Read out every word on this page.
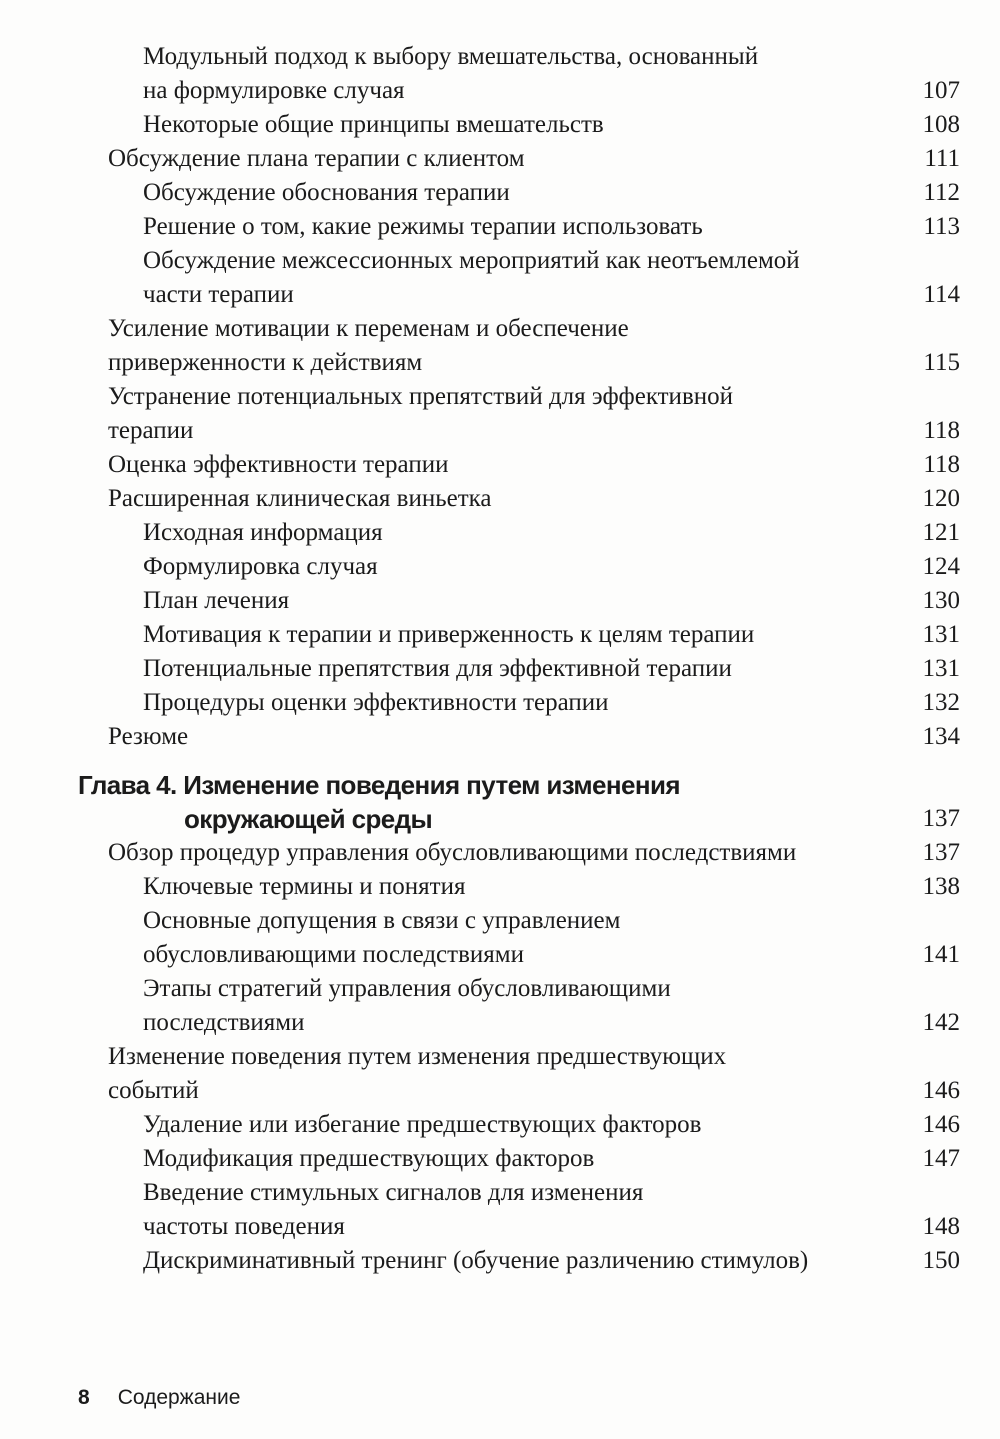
Модульный подход к выбору вмешательства, основанный
на формулировке случая	107
Некоторые общие принципы вмешательств	108
Обсуждение плана терапии с клиентом	111
Обсуждение обоснования терапии	112
Решение о том, какие режимы терапии использовать	113
Обсуждение межсессионных мероприятий как неотъемлемой
части терапии	114
Усиление мотивации к переменам и обеспечение
приверженности к действиям	115
Устранение потенциальных препятствий для эффективной
терапии	118
Оценка эффективности терапии	118
Расширенная клиническая виньетка	120
Исходная информация	121
Формулировка случая	124
План лечения	130
Мотивация к терапии и приверженность к целям терапии	131
Потенциальные препятствия для эффективной терапии	131
Процедуры оценки эффективности терапии	132
Резюме	134
Глава 4. Изменение поведения путем изменения
окружающей среды	137
Обзор процедур управления обусловливающими последствиями	137
Ключевые термины и понятия	138
Основные допущения в связи с управлением
обусловливающими последствиями	141
Этапы стратегий управления обусловливающими
последствиями	142
Изменение поведения путем изменения предшествующих
событий	146
Удаление или избегание предшествующих факторов	146
Модификация предшествующих факторов	147
Введение стимульных сигналов для изменения
частоты поведения	148
Дискриминативный тренинг (обучение различению стимулов)	150
8 Содержание
